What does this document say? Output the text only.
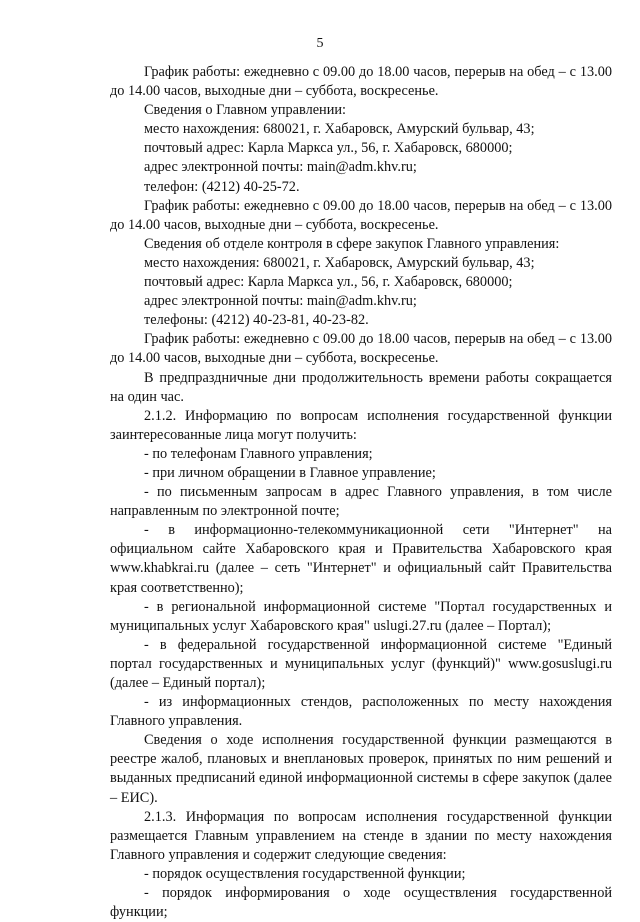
5

График работы: ежедневно с 09.00 до 18.00 часов, перерыв на обед – с 13.00 до 14.00 часов, выходные дни – суббота, воскресенье.

Сведения о Главном управлении:

место нахождения: 680021, г. Хабаровск, Амурский бульвар, 43;

почтовый адрес: Карла Маркса ул., 56, г. Хабаровск, 680000;

адрес электронной почты: main@adm.khv.ru;

телефон: (4212) 40-25-72.

График работы: ежедневно с 09.00 до 18.00 часов, перерыв на обед – с 13.00 до 14.00 часов, выходные дни – суббота, воскресенье.

Сведения об отделе контроля в сфере закупок Главного управления:

место нахождения: 680021, г. Хабаровск, Амурский бульвар, 43;

почтовый адрес: Карла Маркса ул., 56, г. Хабаровск, 680000;

адрес электронной почты: main@adm.khv.ru;

телефоны: (4212) 40-23-81, 40-23-82.

График работы: ежедневно с 09.00 до 18.00 часов, перерыв на обед – с 13.00 до 14.00 часов, выходные дни – суббота, воскресенье.

В предпраздничные дни продолжительность времени работы сокращается на один час.

2.1.2. Информацию по вопросам исполнения государственной функции заинтересованные лица могут получить:

- по телефонам Главного управления;

- при личном обращении в Главное управление;

- по письменным запросам в адрес Главного управления, в том числе направленным по электронной почте;

- в информационно-телекоммуникационной сети "Интернет" на официальном сайте Хабаровского края и Правительства Хабаровского края www.khabkrai.ru (далее – сеть "Интернет" и официальный сайт Правительства края соответственно);

- в региональной информационной системе "Портал государственных и муниципальных услуг Хабаровского края" uslugi.27.ru (далее – Портал);

- в федеральной государственной информационной системе "Единый портал государственных и муниципальных услуг (функций)" www.gosuslugi.ru (далее – Единый портал);

- из информационных стендов, расположенных по месту нахождения Главного управления.

Сведения о ходе исполнения государственной функции размещаются в реестре жалоб, плановых и внеплановых проверок, принятых по ним решений и выданных предписаний единой информационной системы в сфере закупок (далее – ЕИС).

2.1.3. Информация по вопросам исполнения государственной функции размещается Главным управлением на стенде в здании по месту нахождения Главного управления и содержит следующие сведения:

- порядок осуществления государственной функции;

- порядок информирования о ходе осуществления государственной функции;
